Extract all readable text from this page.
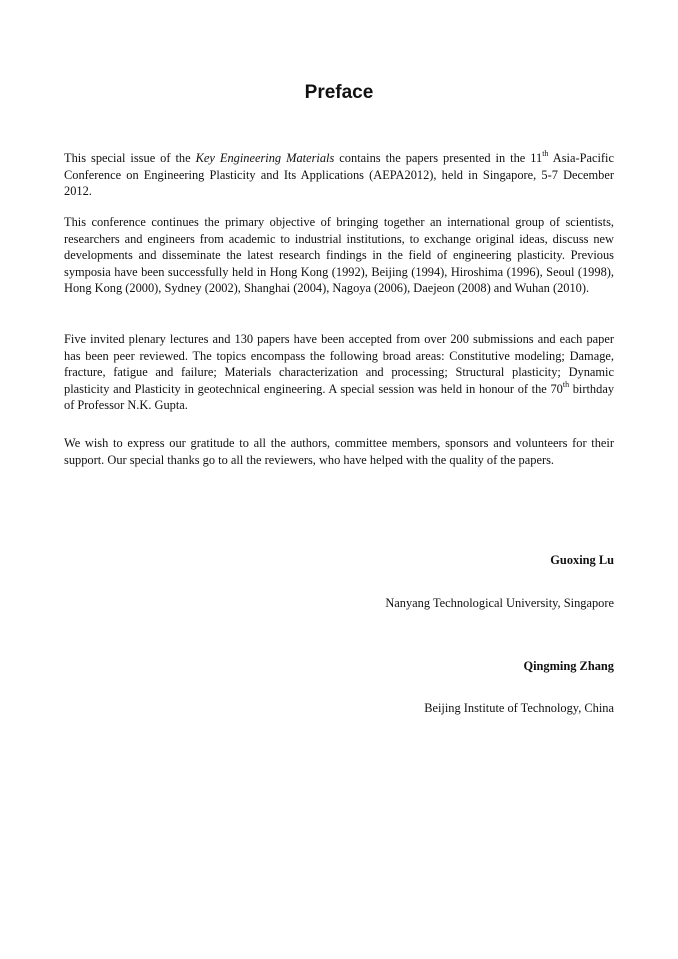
Preface

This special issue of the Key Engineering Materials contains the papers presented in the 11th Asia-Pacific Conference on Engineering Plasticity and Its Applications (AEPA2012), held in Singapore, 5-7 December 2012.

This conference continues the primary objective of bringing together an international group of scientists, researchers and engineers from academic to industrial institutions, to exchange original ideas, discuss new developments and disseminate the latest research findings in the field of engineering plasticity. Previous symposia have been successfully held in Hong Kong (1992), Beijing (1994), Hiroshima (1996), Seoul (1998), Hong Kong (2000), Sydney (2002), Shanghai (2004), Nagoya (2006), Daejeon (2008) and Wuhan (2010).

Five invited plenary lectures and 130 papers have been accepted from over 200 submissions and each paper has been peer reviewed. The topics encompass the following broad areas: Constitutive modeling; Damage, fracture, fatigue and failure; Materials characterization and processing; Structural plasticity; Dynamic plasticity and Plasticity in geotechnical engineering. A special session was held in honour of the 70th birthday of Professor N.K. Gupta.

We wish to express our gratitude to all the authors, committee members, sponsors and volunteers for their support. Our special thanks go to all the reviewers, who have helped with the quality of the papers.

Guoxing Lu

Nanyang Technological University, Singapore

Qingming Zhang

Beijing Institute of Technology, China
